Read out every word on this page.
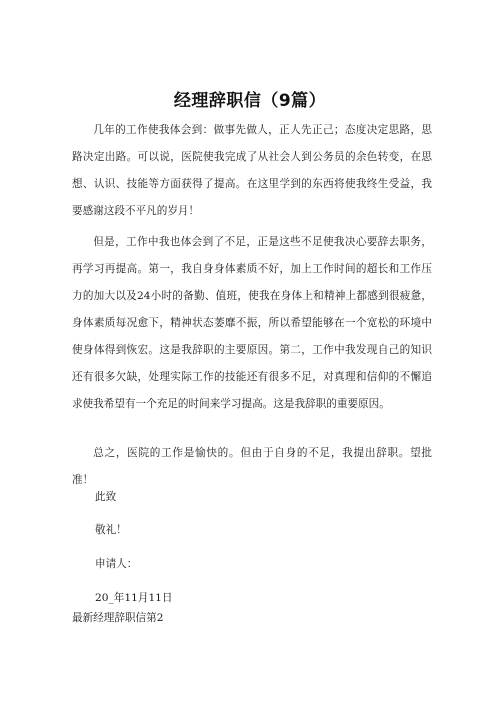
经理辞职信（9篇）

几年的工作使我体会到：做事先做人，正人先正己；态度决定思路，思路决定出路。可以说，医院使我完成了从社会人到公务员的余色转变，在思想、认识、技能等方面获得了提高。在这里学到的东西将使我终生受益，我要感谢这段不平凡的岁月！

但是，工作中我也体会到了不足，正是这些不足使我决心要辞去职务，再学习再提高。第一，我自身身体素质不好，加上工作时间的超长和工作压力的加大以及24小时的备勤、值班，使我在身体上和精神上都感到很疲惫，身体素质每况愈下，精神状态萎靡不振，所以希望能够在一个宽松的环境中使身体得到恢宏。这是我辞职的主要原因。第二，工作中我发现自己的知识还有很多欠缺，处理实际工作的技能还有很多不足，对真理和信仰的不懈追求使我希望有一个充足的时间来学习提高。这是我辞职的重要原因。

总之，医院的工作是愉快的。但由于自身的不足，我提出辞职。望批准！

此致
敬礼！
申请人：
20_年11月11日
最新经理辞职信第2
